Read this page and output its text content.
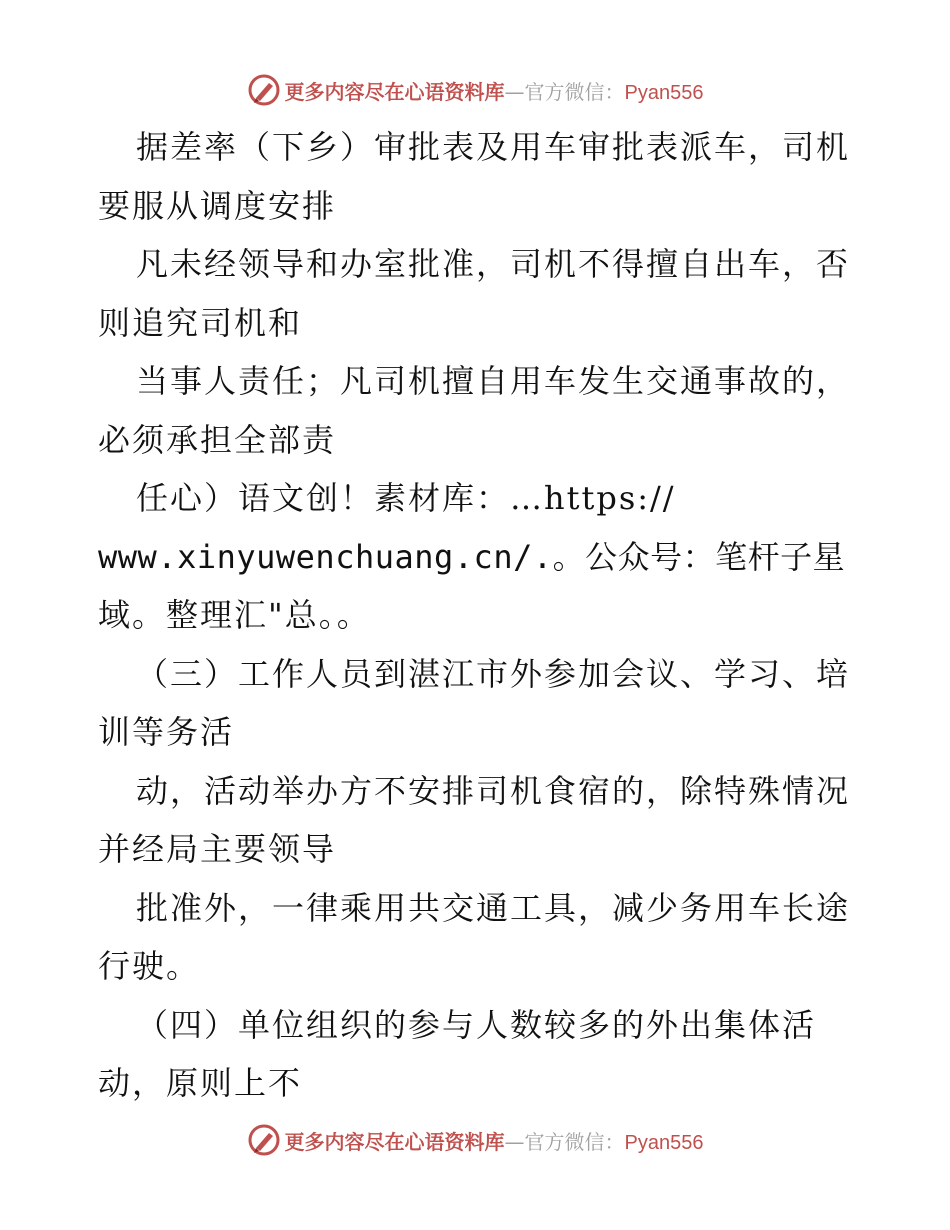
更多内容尽在心语资料库—官方微信：Pyan556
据差率（下乡）审批表及用车审批表派车，司机
要服从调度安排
凡未经领导和办室批准，司机不得擅自出车，否
则追究司机和
当事人责任；凡司机擅自用车发生交通事故的，
必须承担全部责
任心）语文创！素材库：…https://
www.xinyuwenchuang.cn/.。公众号：笔杆子星
域。整理汇"总。。
（三）工作人员到湛江市外参加会议、学习、培
训等务活
动，活动举办方不安排司机食宿的，除特殊情况
并经局主要领导
批准外，一律乘用共交通工具，减少务用车长途
行驶。
（四）单位组织的参与人数较多的外出集体活
动，原则上不
更多内容尽在心语资料库—官方微信：Pyan556
